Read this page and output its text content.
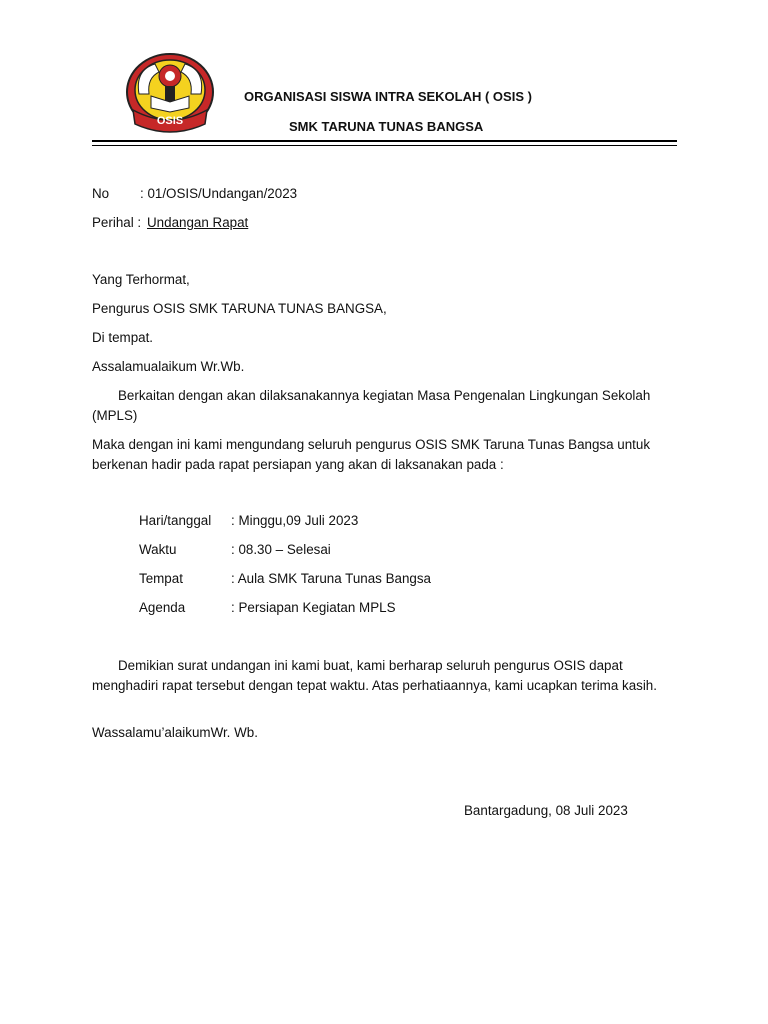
OSIS
ORGANISASI SISWA INTRA SEKOLAH ( OSIS )
SMK TARUNA TUNAS BANGSA
No : 01/OSIS/Undangan/2023
Perihal : Undangan Rapat
Yang Terhormat,
Pengurus OSIS SMK TARUNA TUNAS BANGSA,
Di tempat.
Assalamualaikum Wr.Wb.
Berkaitan dengan akan dilaksanakannya kegiatan Masa Pengenalan Lingkungan Sekolah (MPLS)
Maka dengan ini kami mengundang seluruh pengurus OSIS SMK Taruna Tunas Bangsa untuk berkenan hadir pada rapat persiapan yang akan di laksanakan pada :
Hari/tanggal : Minggu,09 Juli 2023
Waktu	: 08.30 – Selesai
Tempat	: Aula SMK Taruna Tunas Bangsa
Agenda	: Persiapan Kegiatan MPLS
Demikian surat undangan ini kami buat, kami berharap seluruh pengurus OSIS dapat menghadiri rapat tersebut dengan tepat waktu. Atas perhatiaannya, kami ucapkan terima kasih.
Wassalamu’alaikumWr. Wb.
Bantargadung, 08 Juli 2023
